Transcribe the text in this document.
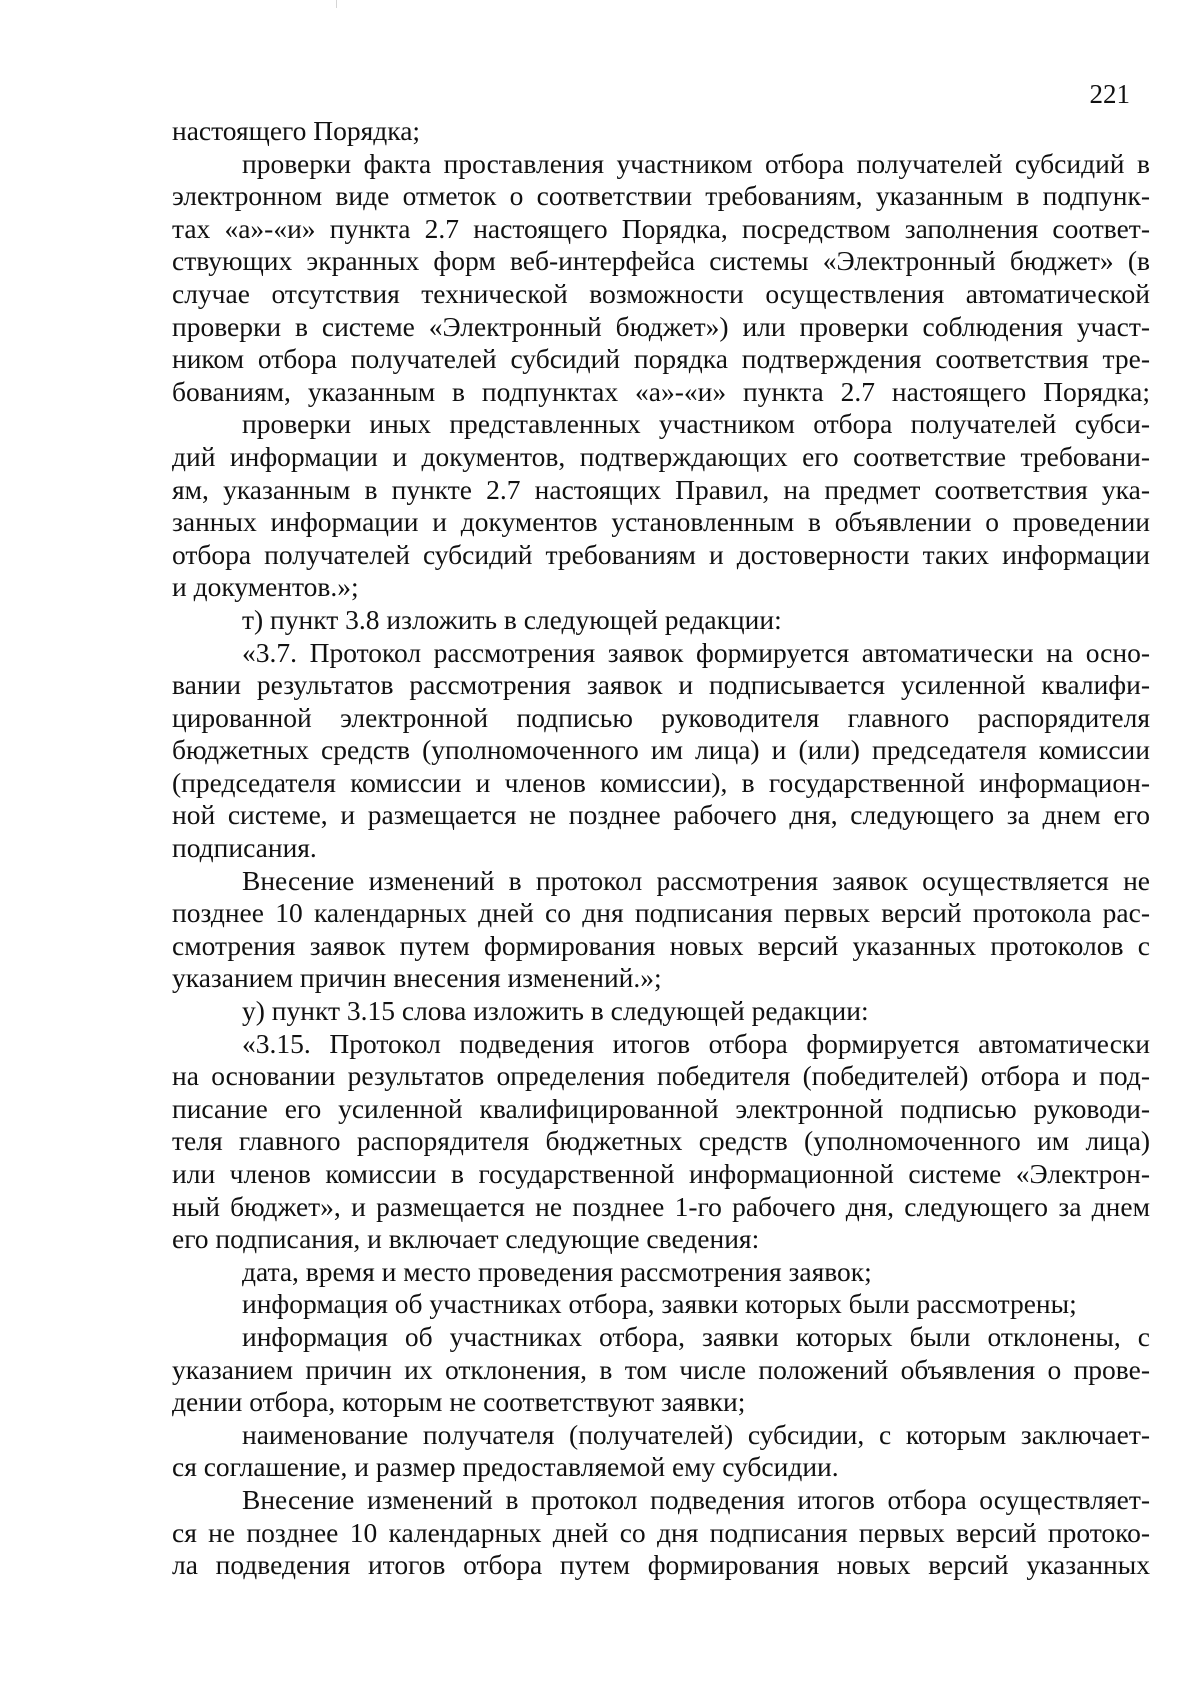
221
настоящего Порядка;
проверки факта проставления участником отбора получателей субсидий в
электронном виде отметок о соответствии требованиям, указанным в подпунк-
тах «а»-«и» пункта 2.7 настоящего Порядка, посредством заполнения соответ-
ствующих экранных форм веб-интерфейса системы «Электронный бюджет» (в
случае отсутствия технической возможности осуществления автоматической
проверки в системе «Электронный бюджет») или проверки соблюдения участ-
ником отбора получателей субсидий порядка подтверждения соответствия тре-
бованиям, указанным в подпунктах «а»-«и» пункта 2.7 настоящего Порядка;
проверки иных представленных участником отбора получателей субси-
дий информации и документов, подтверждающих его соответствие требовани-
ям, указанным в пункте 2.7 настоящих Правил, на предмет соответствия ука-
занных информации и документов установленным в объявлении о проведении
отбора получателей субсидий требованиям и достоверности таких информации
и документов.»;
т) пункт 3.8 изложить в следующей редакции:
«3.7. Протокол рассмотрения заявок формируется автоматически на осно-
вании результатов рассмотрения заявок и подписывается усиленной квалифи-
цированной электронной подписью руководителя главного распорядителя
бюджетных средств (уполномоченного им лица) и (или) председателя комиссии
(председателя комиссии и членов комиссии), в государственной информацион-
ной системе, и размещается не позднее рабочего дня, следующего за днем его
подписания.
Внесение изменений в протокол рассмотрения заявок осуществляется не
позднее 10 календарных дней со дня подписания первых версий протокола рас-
смотрения заявок путем формирования новых версий указанных протоколов с
указанием причин внесения изменений.»;
у) пункт 3.15 слова изложить в следующей редакции:
«3.15. Протокол подведения итогов отбора формируется автоматически
на основании результатов определения победителя (победителей) отбора и под-
писание его усиленной квалифицированной электронной подписью руководи-
теля главного распорядителя бюджетных средств (уполномоченного им лица)
или членов комиссии в государственной информационной системе «Электрон-
ный бюджет», и размещается не позднее 1-го рабочего дня, следующего за днем
его подписания, и включает следующие сведения:
дата, время и место проведения рассмотрения заявок;
информация об участниках отбора, заявки которых были рассмотрены;
информация об участниках отбора, заявки которых были отклонены, с
указанием причин их отклонения, в том числе положений объявления о прове-
дении отбора, которым не соответствуют заявки;
наименование получателя (получателей) субсидии, с которым заключает-
ся соглашение, и размер предоставляемой ему субсидии.
Внесение изменений в протокол подведения итогов отбора осуществляет-
ся не позднее 10 календарных дней со дня подписания первых версий протоко-
ла подведения итогов отбора путем формирования новых версий указанных
